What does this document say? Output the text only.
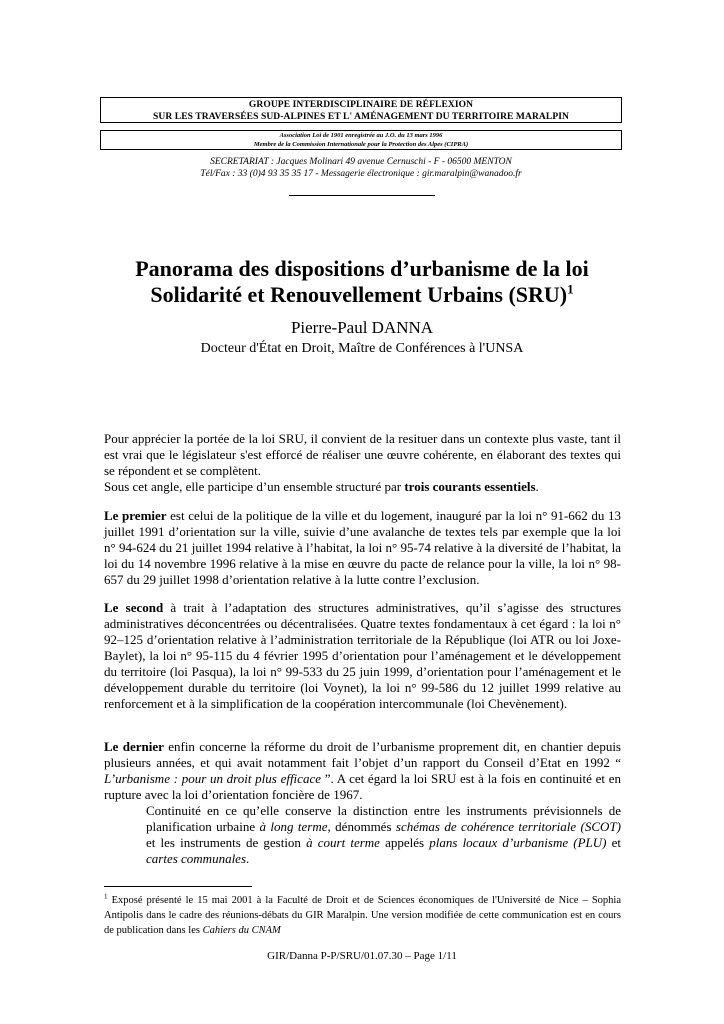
GROUPE INTERDISCIPLINAIRE DE RÉFLEXION
SUR LES TRAVERSÉES SUD-ALPINES ET L' AMÉNAGEMENT DU TERRITOIRE MARALPIN
Association Loi de 1901 enregistrée au J.O. du 13 mars 1996
Membre de la Commission Internationale pour la Protection des Alpes (CIPRA)
SECRETARIAT : Jacques Molinari 49 avenue Cernuschi - F - 06500 MENTON
Tél/Fax : 33 (0)4 93 35 35 17 - Messagerie électronique : gir.maralpin@wanadoo.fr
Panorama des dispositions d’urbanisme de la loi
Solidarité et Renouvellement Urbains (SRU)$^1$
Pierre-Paul DANNA
Docteur d'État en Droit, Maître de Conférences à l'UNSA

Pour apprécier la portée de la loi SRU, il convient de la resituer dans un contexte plus vaste, tant il est vrai que le législateur s'est efforcé de réaliser une œuvre cohérente, en élaborant des textes qui se répondent et se complètent.

Sous cet angle, elle participe d’un ensemble structuré par trois courants essentiels.

Le premier est celui de la politique de la ville et du logement, inauguré par la loi n° 91-662 du 13 juillet 1991 d’orientation sur la ville, suivie d’une avalanche de textes tels par exemple que la loi n° 94-624 du 21 juillet 1994 relative à l’habitat, la loi n° 95-74 relative à la diversité de l’habitat, la loi du 14 novembre 1996 relative à la mise en œuvre du pacte de relance pour la ville, la loi n° 98-657 du 29 juillet 1998 d’orientation relative à la lutte contre l’exclusion.

Le second à trait à l’adaptation des structures administratives, qu’il s’agisse des structures administratives déconcentrées ou décentralisées. Quatre textes fondamentaux à cet égard : la loi n° 92–125 d’orientation relative à l’administration territoriale de la République (loi ATR ou loi Joxe-Baylet), la loi n° 95-115 du 4 février 1995 d’orientation pour l’aménagement et le développement du territoire (loi Pasqua), la loi n° 99-533 du 25 juin 1999, d’orientation pour l’aménagement et le développement durable du territoire (loi Voynet), la loi n° 99-586 du 12 juillet 1999 relative au renforcement et à la simplification de la coopération intercommunale (loi Chevènement).

Le dernier enfin concerne la réforme du droit de l’urbanisme proprement dit, en chantier depuis plusieurs années, et qui avait notamment fait l’objet d’un rapport du Conseil d’Etat en 1992 “ L’urbanisme : pour un droit plus efficace ”. A cet égard la loi SRU est à la fois en continuité et en rupture avec la loi d’orientation foncière de 1967.

Continuité en ce qu’elle conserve la distinction entre les instruments prévisionnels de planification urbaine à long terme, dénommés schémas de cohérence territoriale (SCOT) et les instruments de gestion à court terme appelés plans locaux d’urbanisme (PLU) et cartes communales.

$^1$ Exposé présenté le 15 mai 2001 à la Faculté de Droit et de Sciences économiques de l'Université de Nice – Sophia Antipolis dans le cadre des réunions-débats du GIR Maralpin. Une version modifiée de cette communication est en cours de publication dans les Cahiers du CNAM
GIR/Danna P-P/SRU/01.07.30 – Page 1/11
